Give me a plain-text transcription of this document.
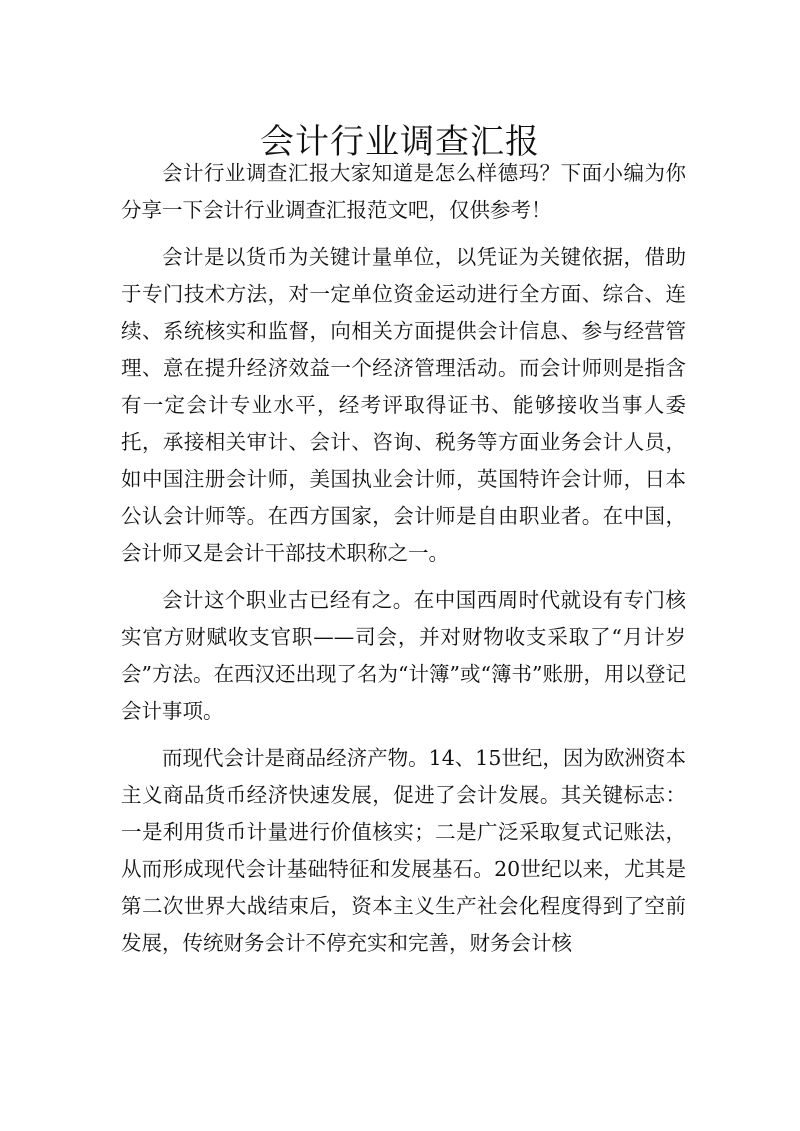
会计行业调查汇报

会计行业调查汇报大家知道是怎么样德玛？下面小编为你分享一下会计行业调查汇报范文吧，仅供参考！

会计是以货币为关键计量单位，以凭证为关键依据，借助于专门技术方法，对一定单位资金运动进行全方面、综合、连续、系统核实和监督，向相关方面提供会计信息、参与经营管理、意在提升经济效益一个经济管理活动。而会计师则是指含有一定会计专业水平，经考评取得证书、能够接收当事人委托，承接相关审计、会计、咨询、税务等方面业务会计人员，如中国注册会计师，美国执业会计师，英国特许会计师，日本公认会计师等。在西方国家，会计师是自由职业者。在中国，会计师又是会计干部技术职称之一。

会计这个职业古已经有之。在中国西周时代就设有专门核实官方财赋收支官职——司会，并对财物收支采取了“月计岁会”方法。在西汉还出现了名为“计簿”或“簿书”账册，用以登记会计事项。

而现代会计是商品经济产物。14、15世纪，因为欧洲资本主义商品货币经济快速发展，促进了会计发展。其关键标志：一是利用货币计量进行价值核实；二是广泛采取复式记账法，从而形成现代会计基础特征和发展基石。20世纪以来，尤其是第二次世界大战结束后，资本主义生产社会化程度得到了空前发展，传统财务会计不停充实和完善，财务会计核
